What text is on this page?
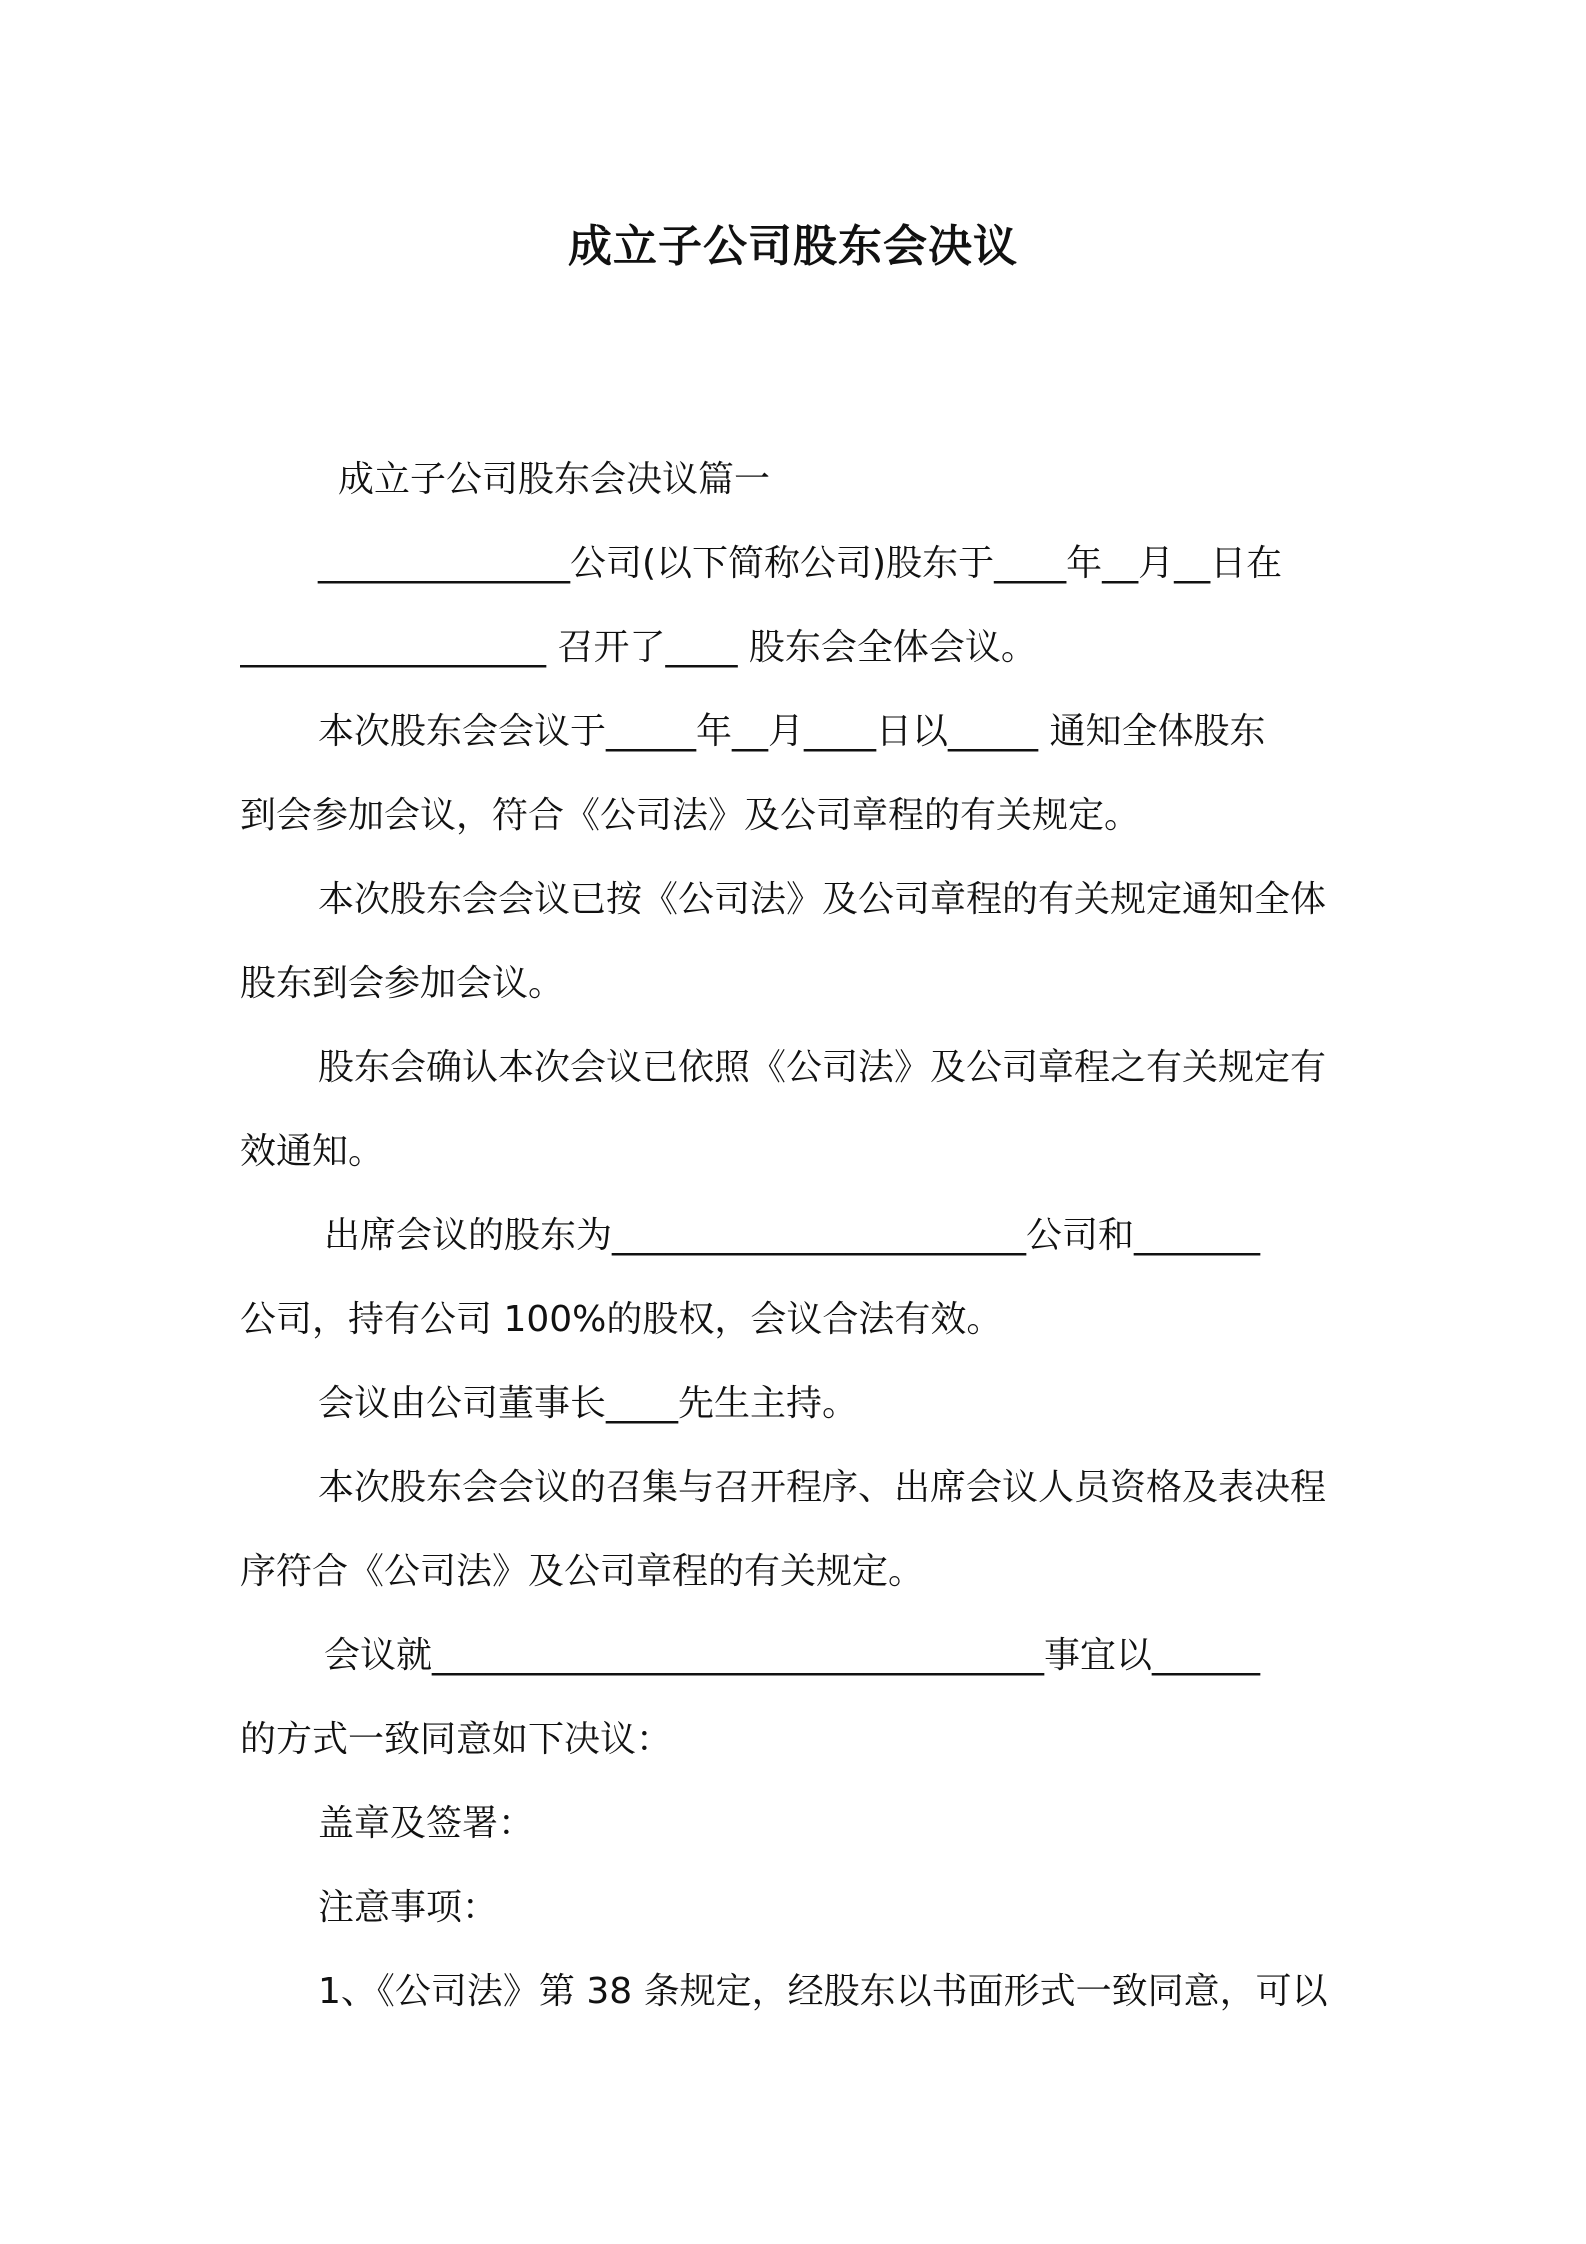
成立子公司股东会决议
成立子公司股东会决议篇一
______________公司(以下简称公司)股东于____年__月__日在
_________________ 召开了____ 股东会全体会议。
本次股东会会议于_____年__月____日以_____ 通知全体股东
到会参加会议，符合《公司法》及公司章程的有关规定。
本次股东会会议已按《公司法》及公司章程的有关规定通知全体
股东到会参加会议。
股东会确认本次会议已依照《公司法》及公司章程之有关规定有
效通知。
出席会议的股东为_______________________公司和_______
公司，持有公司 100%的股权，会议合法有效。
会议由公司董事长____先生主持。
本次股东会会议的召集与召开程序、出席会议人员资格及表决程
序符合《公司法》及公司章程的有关规定。
会议就__________________________________事宜以______
的方式一致同意如下决议：
盖章及签署：
注意事项：
1、《公司法》第 38 条规定，经股东以书面形式一致同意，可以
